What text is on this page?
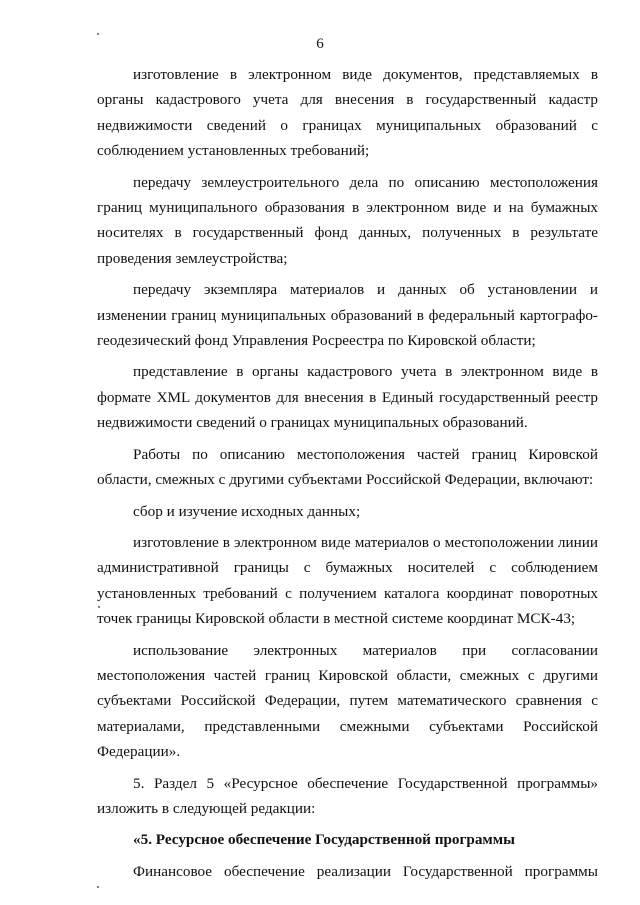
6

изготовление в электронном виде документов, представляемых в органы кадастрового учета для внесения в государственный кадастр недвижимости сведений о границах муниципальных образований с соблюдением установленных требований;

передачу землеустроительного дела по описанию местоположения границ муниципального образования в электронном виде и на бумажных носителях в государственный фонд данных, полученных в результате проведения землеустройства;

передачу экземпляра материалов и данных об установлении и изменении границ муниципальных образований в федеральный картографо-геодезический фонд Управления Росреестра по Кировской области;

представление в органы кадастрового учета в электронном виде в формате XML документов для внесения в Единый государственный реестр недвижимости сведений о границах муниципальных образований.

Работы по описанию местоположения частей границ Кировской области, смежных с другими субъектами Российской Федерации, включают:

сбор и изучение исходных данных;

изготовление в электронном виде материалов о местоположении линии административной границы с бумажных носителей с соблюдением установленных требований с получением каталога координат поворотных точек границы Кировской области в местной системе координат МСК-43;

использование электронных материалов при согласовании местоположения частей границ Кировской области, смежных с другими субъектами Российской Федерации, путем математического сравнения с материалами, представленными смежными субъектами Российской Федерации».

5. Раздел 5 «Ресурсное обеспечение Государственной программы» изложить в следующей редакции:

«5. Ресурсное обеспечение Государственной программы

Финансовое обеспечение реализации Государственной программы
